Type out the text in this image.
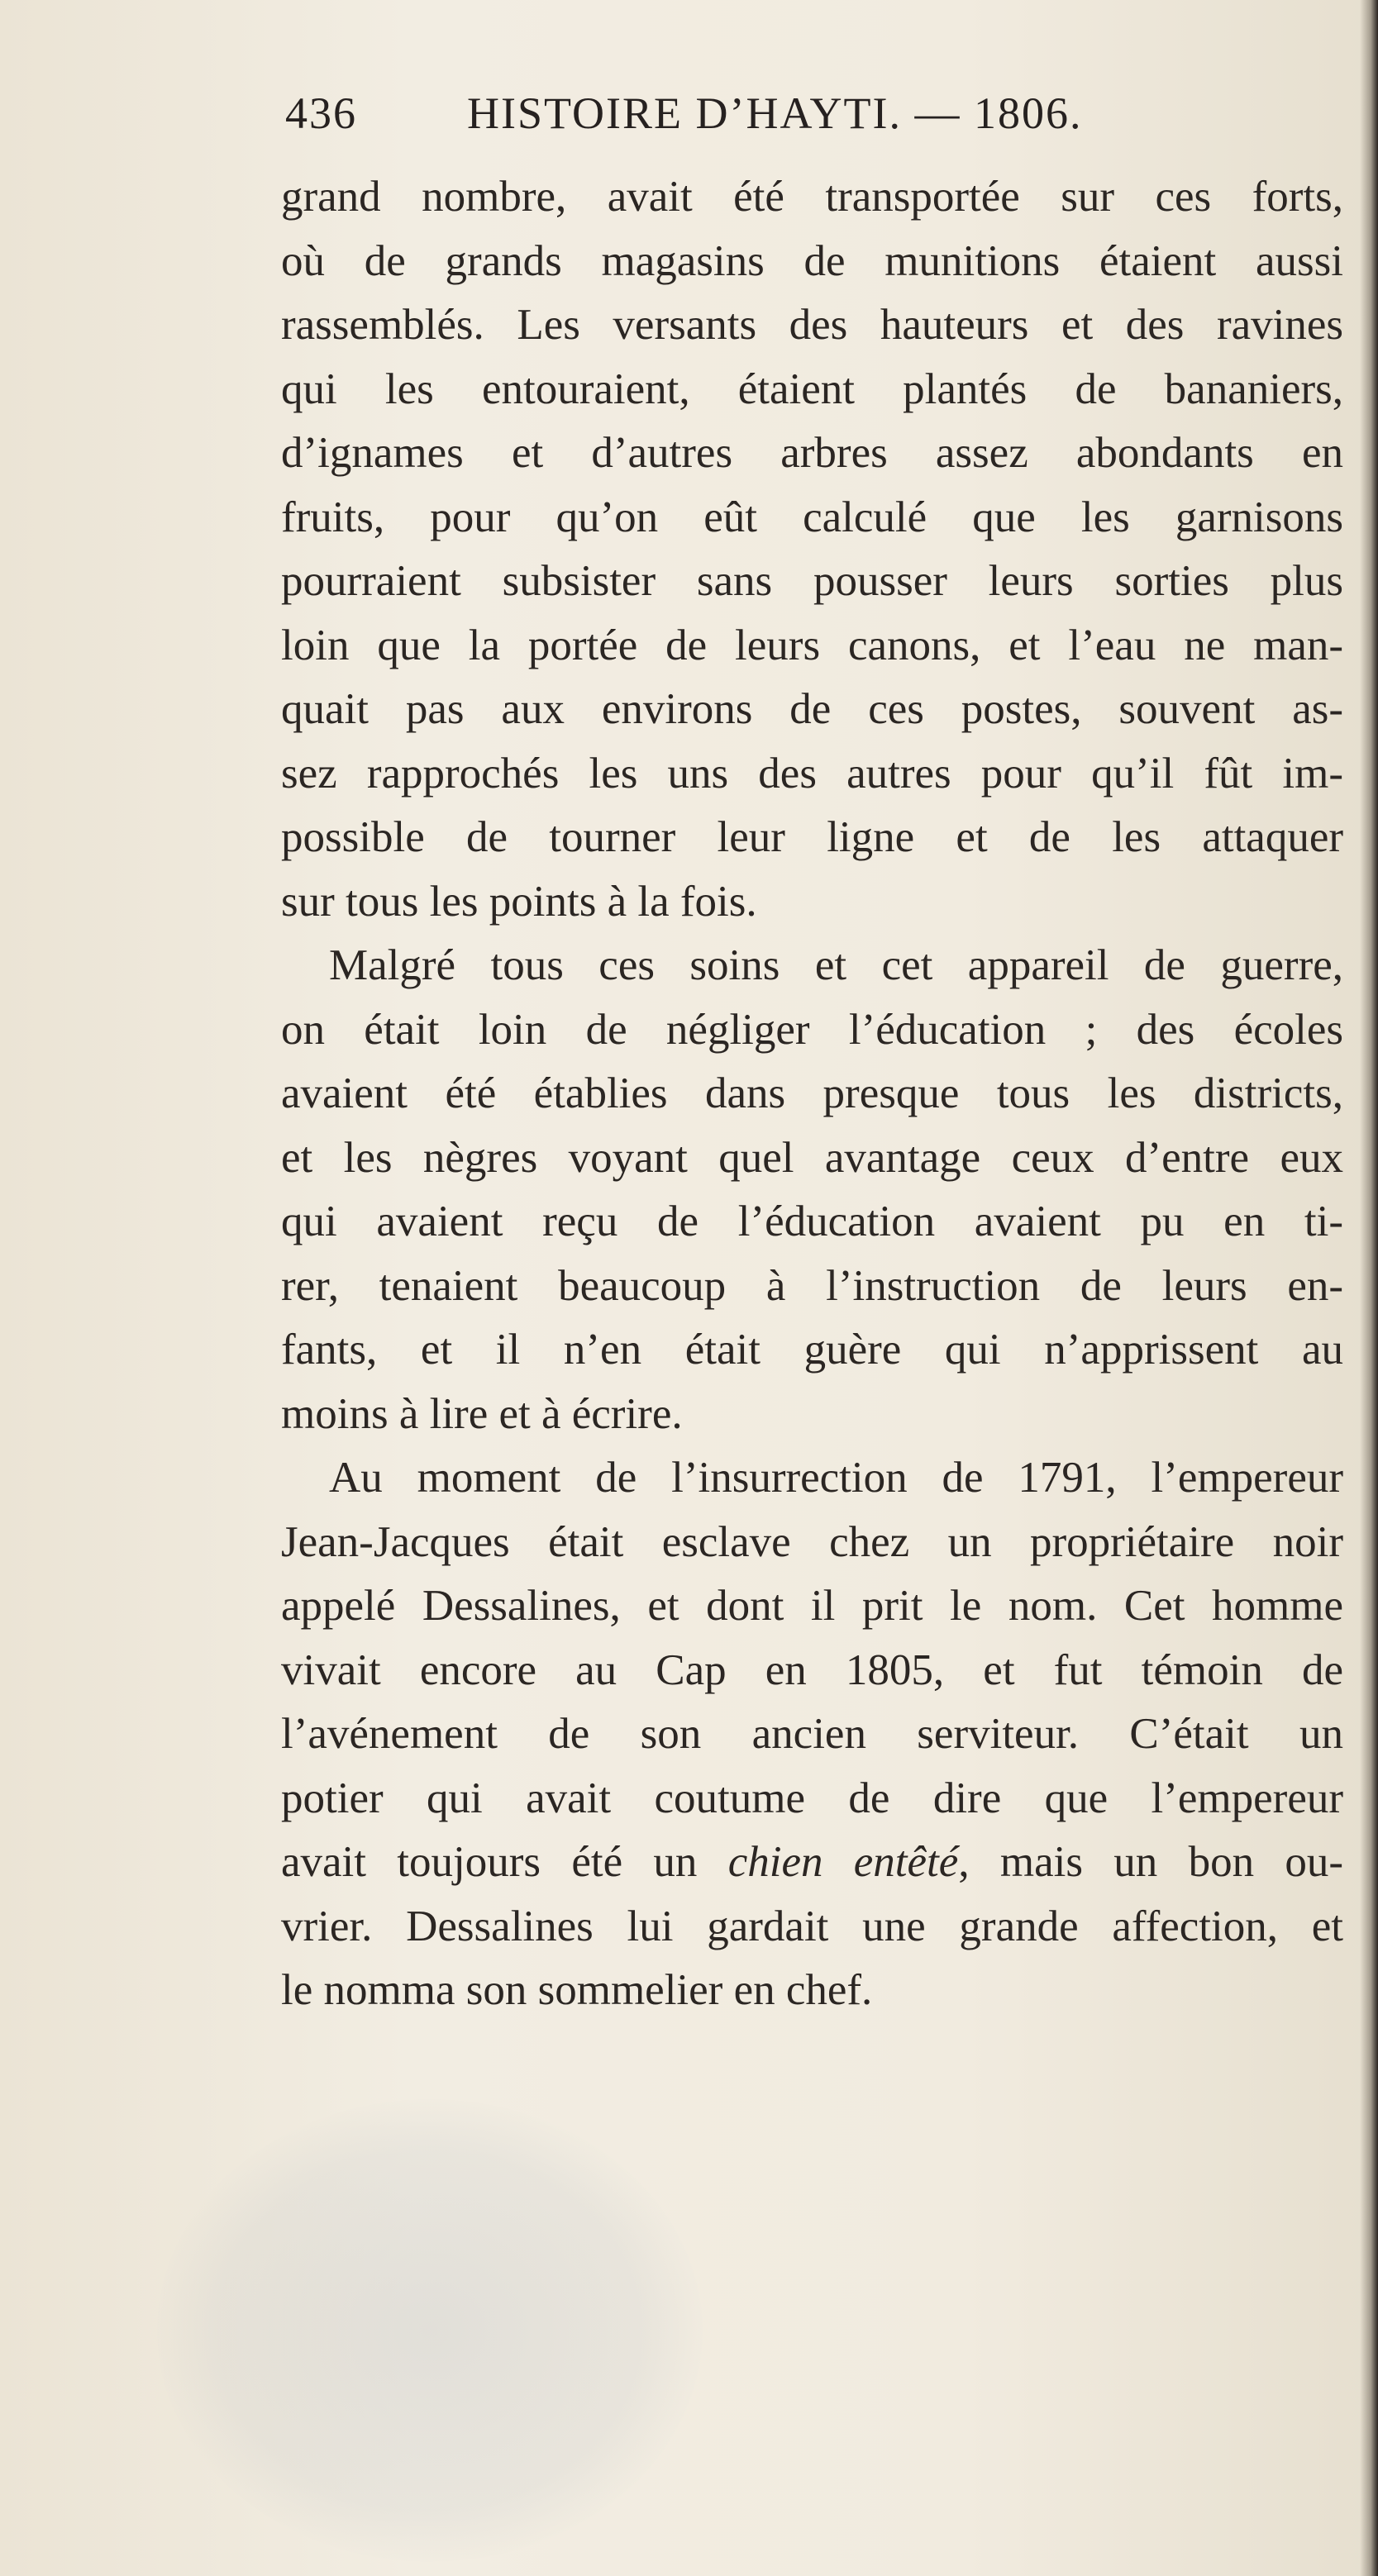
436 HISTOIRE D’HAYTI. — 1806.
grand nombre, avait été transportée sur ces forts,
où de grands magasins de munitions étaient aussi
rassemblés. Les versants des hauteurs et des ravines
qui les entouraient, étaient plantés de bananiers,
d’ignames et d’autres arbres assez abondants en
fruits, pour qu’on eût calculé que les garnisons
pourraient subsister sans pousser leurs sorties plus
loin que la portée de leurs canons, et l’eau ne man-
quait pas aux environs de ces postes, souvent as-
sez rapprochés les uns des autres pour qu’il fût im-
possible de tourner leur ligne et de les attaquer
sur tous les points à la fois.
Malgré tous ces soins et cet appareil de guerre,
on était loin de négliger l’éducation ; des écoles
avaient été établies dans presque tous les districts,
et les nègres voyant quel avantage ceux d’entre eux
qui avaient reçu de l’éducation avaient pu en ti-
rer, tenaient beaucoup à l’instruction de leurs en-
fants, et il n’en était guère qui n’apprissent au
moins à lire et à écrire.
Au moment de l’insurrection de 1791, l’empereur
Jean-Jacques était esclave chez un propriétaire noir
appelé Dessalines, et dont il prit le nom. Cet homme
vivait encore au Cap en 1805, et fut témoin de
l’avénement de son ancien serviteur. C’était un
potier qui avait coutume de dire que l’empereur
avait toujours été un chien entêté, mais un bon ou-
vrier. Dessalines lui gardait une grande affection, et
le nomma son sommelier en chef.
